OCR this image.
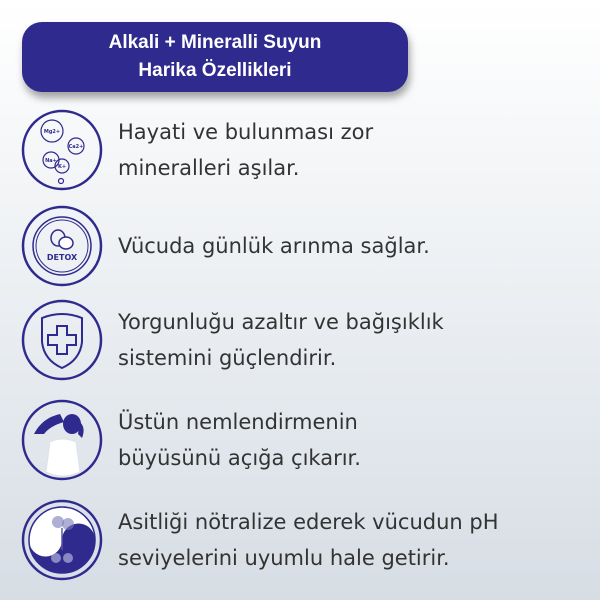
Alkali + Mineralli Suyun
Harika Özellikleri
Mg2+
Ca2+
Na+
K+
Hayati ve bulunması zor
mineralleri aşılar.
DETOX Vücuda günlük arınma sağlar.
Yorgunluğu azaltır ve bağışıklık
sistemini güçlendirir.
Üstün nemlendirmenin
büyüsünü açığa çıkarır.
Asitliği nötralize ederek vücudun pH
seviyelerini uyumlu hale getirir.
